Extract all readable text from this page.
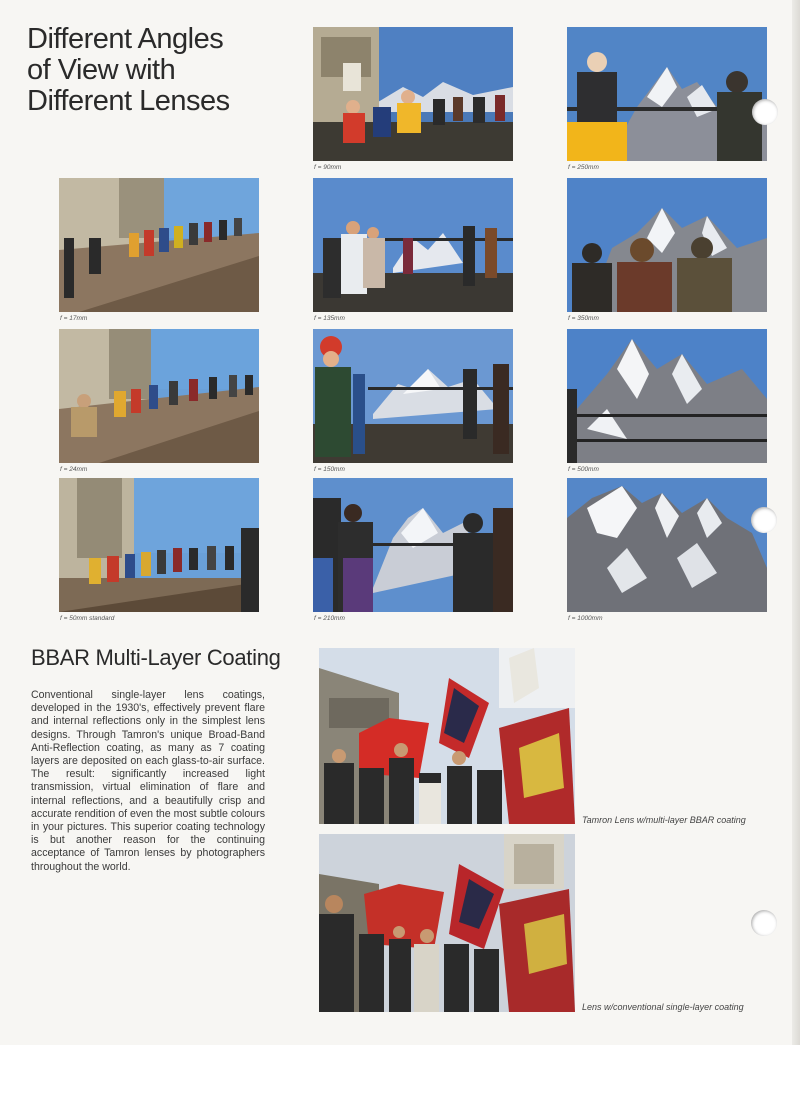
Different Angles
of View with
Different Lenses
f = 90mm	f = 250mm
f = 17mm	f = 135mm	f = 350mm
f = 24mm	f = 150mm	f = 500mm
f = 50mm standard	f = 210mm	f = 1000mm
BBAR Multi-Layer Coating

Conventional single-layer lens coatings, developed in the 1930's, effectively prevent flare and internal reflections only in the simplest lens designs. Through Tamron's unique Broad-Band Anti-Reflection coating, as many as 7 coating layers are deposited on each glass-to-air surface. The result: significantly increased light transmission, virtual elimination of flare and internal reflections, and a beautifully crisp and accurate rendition of even the most subtle colours in your pictures. This superior coating technology is but another reason for the continuing acceptance of Tamron lenses by photographers throughout the world.

Tamron Lens w/multi-layer BBAR coating
Lens w/conventional single-layer coating
